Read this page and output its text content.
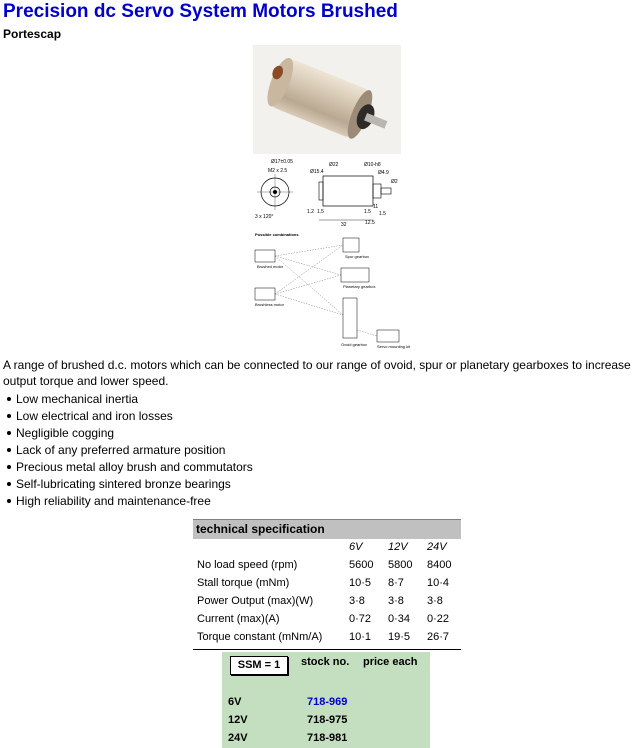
Precision dc Servo System Motors Brushed
Portescap
Ø17±0.05
M2 x 2.5
3 x 120°
Ø15.4
Ø22	Ø10-h8
Ø4.9
Ø2
1.2 1.5	1.5
32
11
1.5
12.5
Possible combinations
Brushed motor
Brushless motor
Spur gearbox
Planetary gearbox
Ovoid gearbox Servo mounting kit
A range of brushed d.c. motors which can be connected to our range of ovoid, spur or planetary gearboxes to increase output torque and lower speed.
Low mechanical inertia
Low electrical and iron losses
Negligible cogging
Lack of any preferred armature position
Precious metal alloy brush and commutators
Self-lubricating sintered bronze bearings
High reliability and maintenance-free
technical specification
6V 12V 24V
No load speed (rpm)	5600 5800 8400
Stall torque (mNm)	10·5 8·7 10·4
Power Output (max)(W)	3·8 3·8 3·8
Current (max)(A)	0·72 0·34 0·22
Torque constant (mNm/A) 10·1 19·5 26·7
SSM = 1	stock no. price each
6V	718-969
12V	718-975
24V	718-981
